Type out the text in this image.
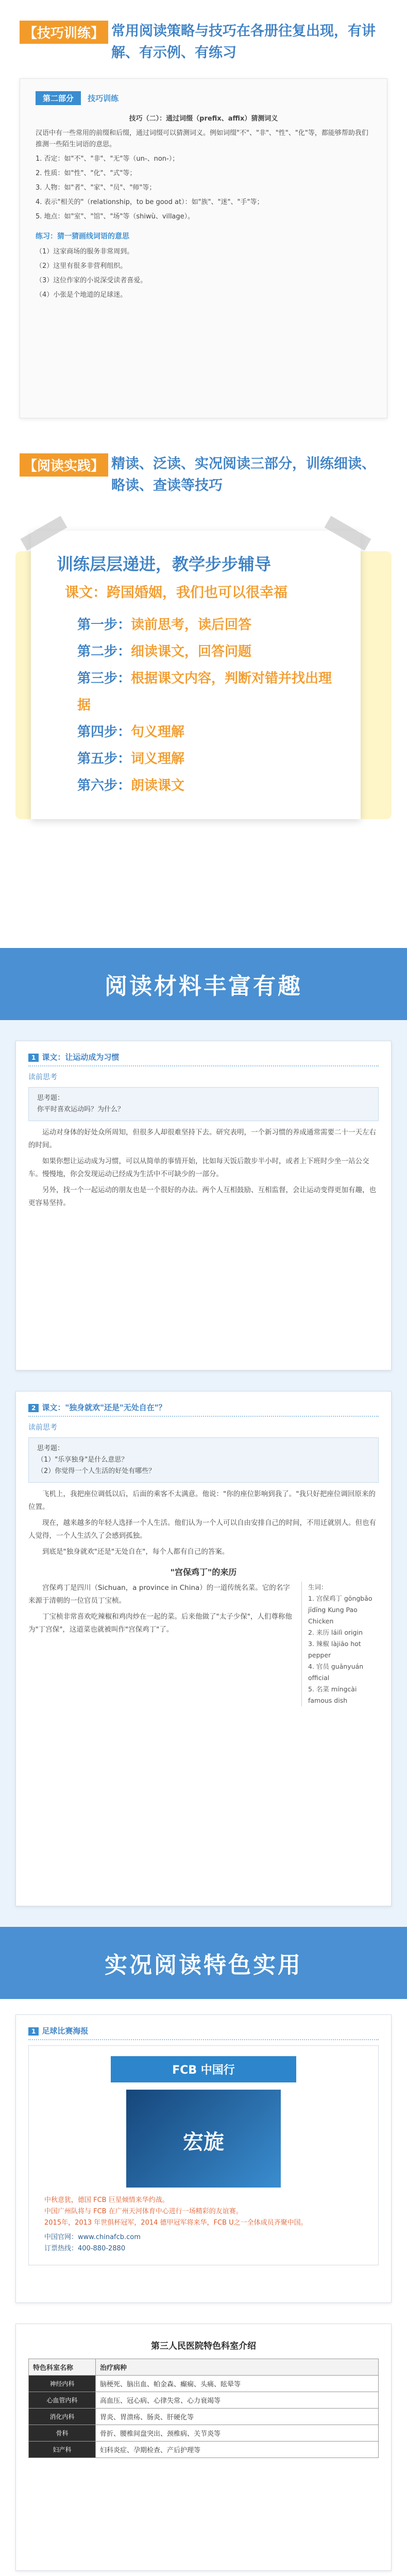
【技巧训练】 常用阅读策略与技巧在各册往复出现，有讲解、有示例、有练习
第二部分 技巧训练

技巧（二）：通过词缀（prefix、affix）猜测词义

汉语中有一些常用的前缀和后缀，通过词缀可以猜测词义。例如词缀"不"、"非"、"性"、"化"等，都能够帮助我们推测一些陌生词语的意思。

1. 否定：如"不"、"非"、"无"等（un-、non-）；

2. 性质：如"性"、"化"、"式"等；

3. 人物：如"者"、"家"、"员"、"师"等；

4. 表示"相关的"（relationship，to be good at）：如"族"、"迷"、"手"等；

5. 地点：如"室"、"馆"、"场"等（shiwù、village）。

练习：猜一猜画线词语的意思

（1）这家商场的服务非常周到。

（2）这里有很多非营利组织。

（3）这位作家的小说深受读者喜爱。

（4）小张是个地道的足球迷。

【阅读实践】 精读、泛读、实况阅读三部分，训练细读、略读、查读等技巧
训练层层递进，教学步步辅导
课文：跨国婚姻，我们也可以很幸福
第一步：读前思考，读后回答
第二步：细读课文，回答问题
第三步：根据课文内容，判断对错并找出理据
第四步：句义理解
第五步：词义理解
第六步：朗读课文
阅读材料丰富有趣
1 课文：让运动成为习惯
读前思考
思考题：
你平时喜欢运动吗？为什么？

运动对身体的好处众所周知，但很多人却很难坚持下去。研究表明，一个新习惯的养成通常需要二十一天左右的时间。

如果你想让运动成为习惯，可以从简单的事情开始，比如每天饭后散步半小时，或者上下班时少坐一站公交车。慢慢地，你会发现运动已经成为生活中不可缺少的一部分。

另外，找一个一起运动的朋友也是一个很好的办法。两个人互相鼓励、互相监督，会让运动变得更加有趣，也更容易坚持。

2 课文："独身就欢"还是"无处自在"？
读前思考
思考题：
（1）"乐享独身"是什么意思？
（2）你觉得一个人生活的好处有哪些？

飞机上，我把座位调低以后，后面的乘客不太满意。他说："你的座位影响到我了。"我只好把座位调回原来的位置。

现在，越来越多的年轻人选择一个人生活。他们认为一个人可以自由安排自己的时间，不用迁就别人。但也有人觉得，一个人生活久了会感到孤独。

到底是"独身就欢"还是"无处自在"，每个人都有自己的答案。

"宫保鸡丁"的来历

宫保鸡丁是四川（Sichuan，a province in China）的一道传统名菜。它的名字来源于清朝的一位官员丁宝桢。

丁宝桢非常喜欢吃辣椒和鸡肉炒在一起的菜。后来他做了"太子少保"，人们尊称他为"丁宫保"，这道菜也就被叫作"宫保鸡丁"了。

生词：
1. 宫保鸡丁 gōngbǎo jīdīng Kung Pao Chicken
2. 来历 láilì origin
3. 辣椒 làjiāo hot pepper
4. 官员 guānyuán official
5. 名菜 míngcài famous dish
实况阅读特色实用
1 足球比赛海报
FCB 中国行
宏旋
中秋意犹，德国 FCB 巨星倾情来华约战。
中国广州队将与 FCB 在广州天河体育中心进行一场精彩的友谊赛。
2015年，2013 年世俱杯冠军，2014 德甲冠军将来华，FCB U之一全体成员齐聚中国。
中国官网：www.chinafcb.com
订票热线：400-880-2880
第三人民医院特色科室介绍
特色科室名称	治疗病种
神经内科	脑梗死、脑出血、帕金森、癫痫、头痛、眩晕等
心血管内科	高血压、冠心病、心律失常、心力衰竭等
消化内科	胃炎、胃溃疡、肠炎、肝硬化等
骨科	骨折、腰椎间盘突出、颈椎病、关节炎等
妇产科	妇科炎症、孕期检查、产后护理等
